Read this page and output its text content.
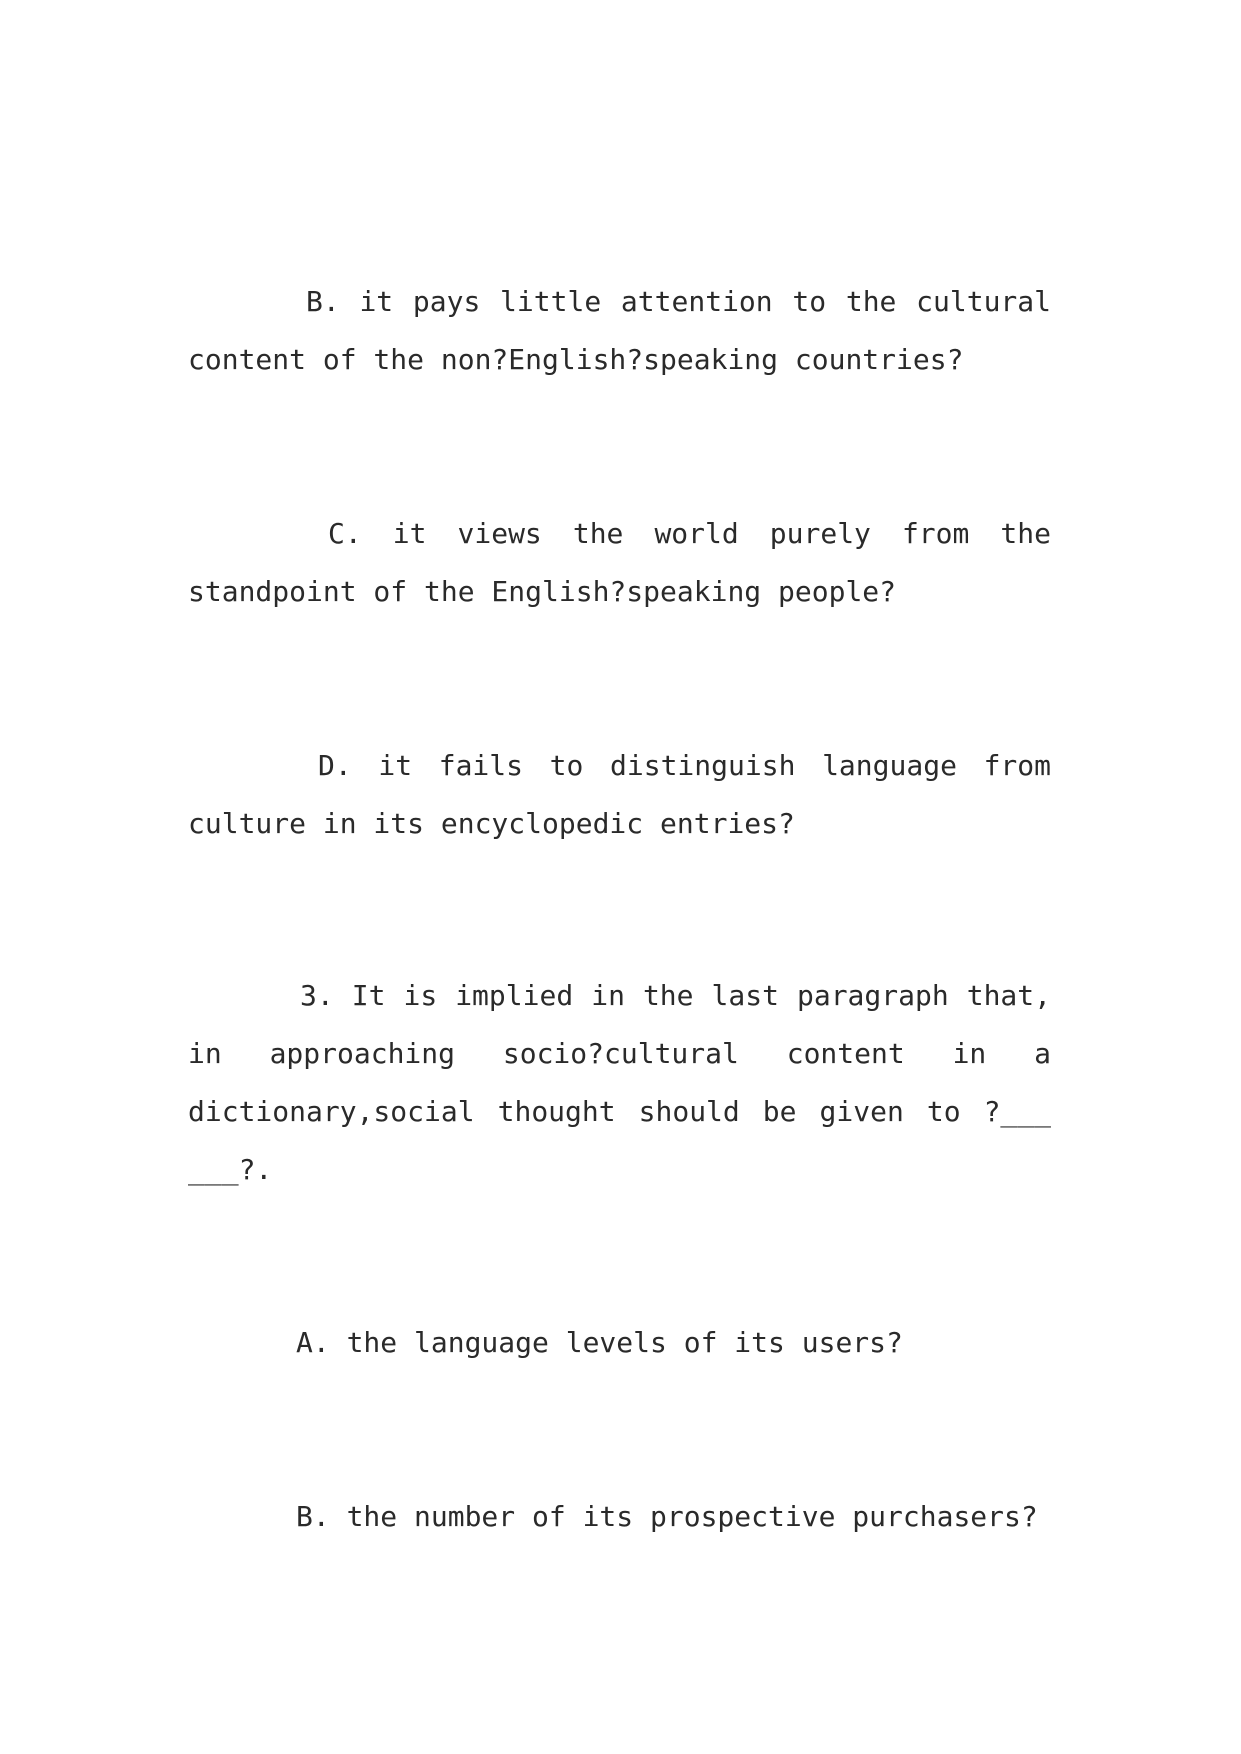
B. it pays little attention to the cultural
content of the non?English?speaking countries?
C. it views the world purely from the
standpoint of the English?speaking people?
D. it fails to distinguish language from
culture in its encyclopedic entries?
3. It is implied in the last paragraph that,
in approaching socio?cultural content in a
dictionary,social thought should be given to ?___
___?.
A. the language levels of its users?
B. the number of its prospective purchasers?
